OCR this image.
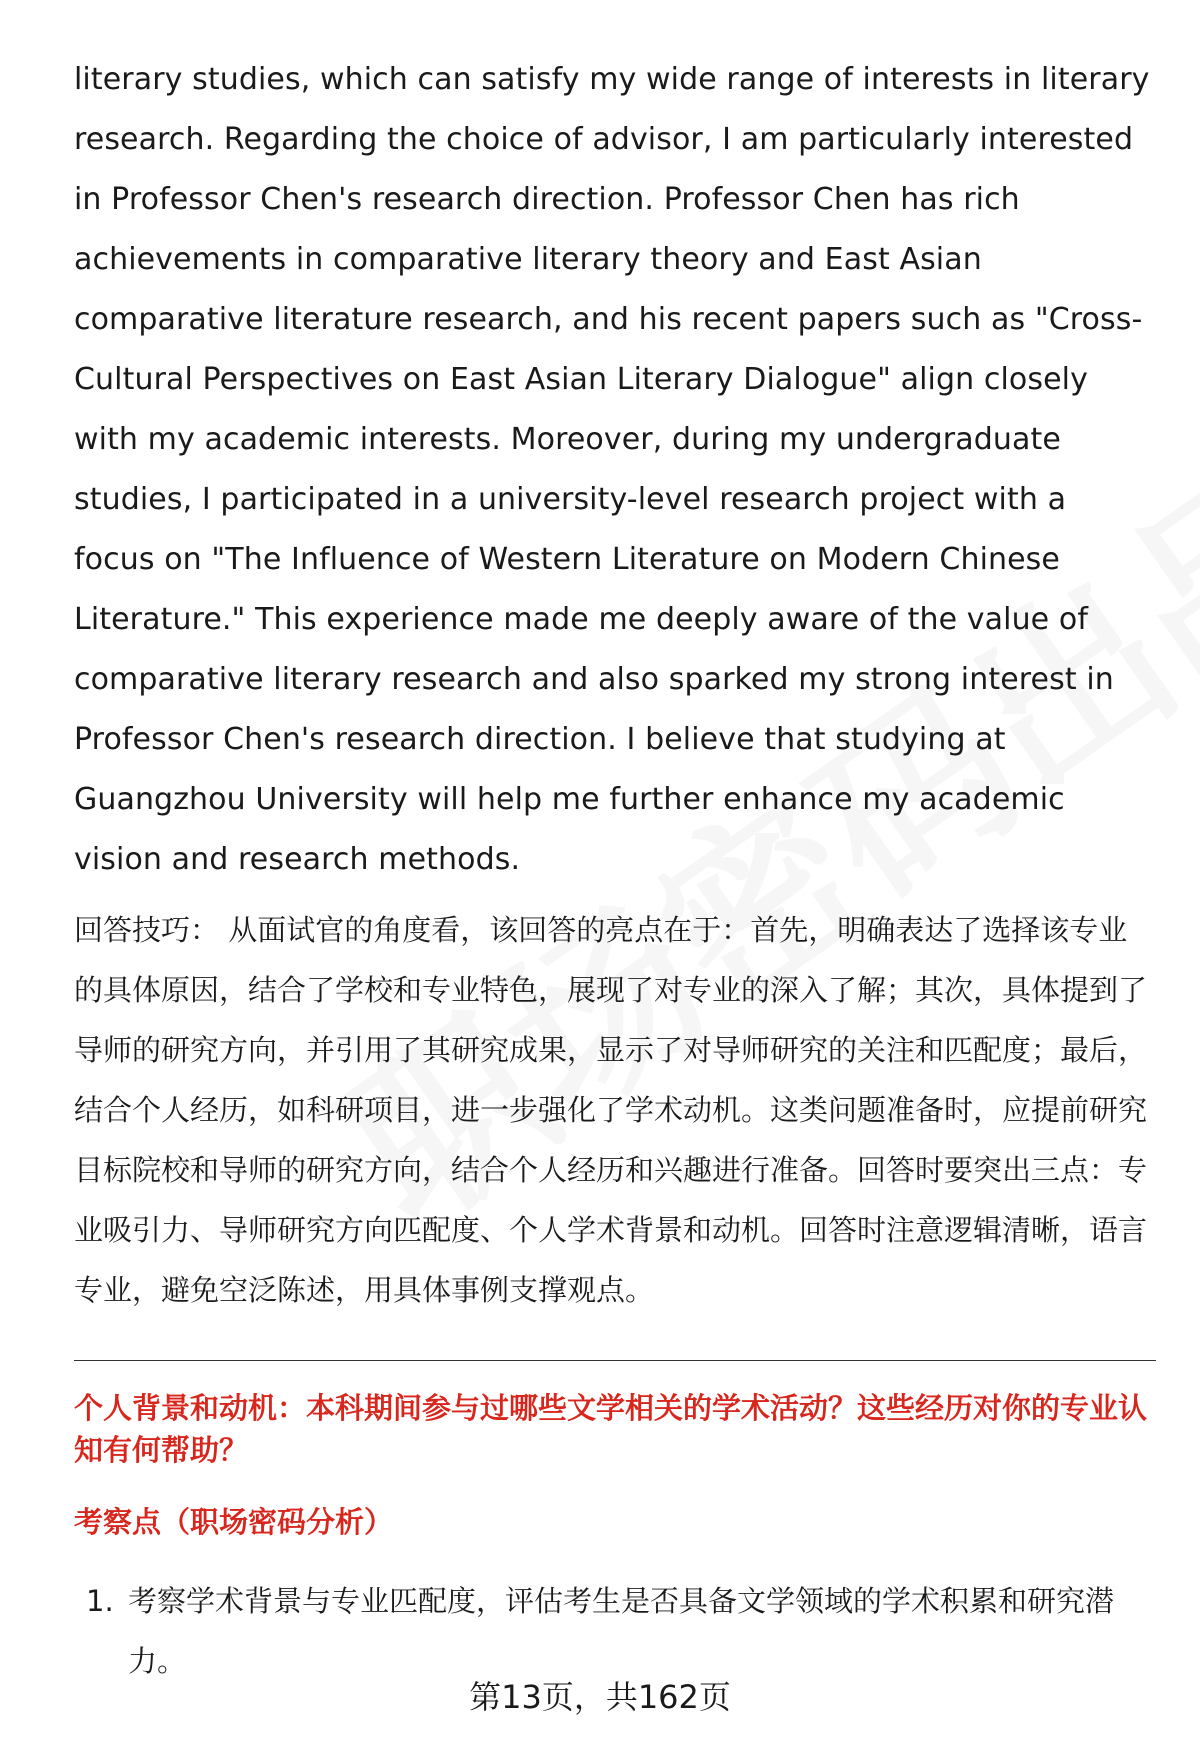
literary studies, which can satisfy my wide range of interests in literary research. Regarding the choice of advisor, I am particularly interested in Professor Chen's research direction. Professor Chen has rich achievements in comparative literary theory and East Asian comparative literature research, and his recent papers such as "Cross-Cultural Perspectives on East Asian Literary Dialogue" align closely with my academic interests. Moreover, during my undergraduate studies, I participated in a university-level research project with a focus on "The Influence of Western Literature on Modern Chinese Literature." This experience made me deeply aware of the value of comparative literary research and also sparked my strong interest in Professor Chen's research direction. I believe that studying at Guangzhou University will help me further enhance my academic vision and research methods.

回答技巧： 从面试官的角度看，该回答的亮点在于：首先，明确表达了选择该专业的具体原因，结合了学校和专业特色，展现了对专业的深入了解；其次，具体提到了导师的研究方向，并引用了其研究成果，显示了对导师研究的关注和匹配度；最后，结合个人经历，如科研项目，进一步强化了学术动机。这类问题准备时，应提前研究目标院校和导师的研究方向，结合个人经历和兴趣进行准备。回答时要突出三点：专业吸引力、导师研究方向匹配度、个人学术背景和动机。回答时注意逻辑清晰，语言专业，避免空泛陈述，用具体事例支撑观点。

个人背景和动机：本科期间参与过哪些文学相关的学术活动？这些经历对你的专业认知有何帮助？
考察点（职场密码分析）
1. 考察学术背景与专业匹配度，评估考生是否具备文学领域的学术积累和研究潜力。
第13页，共162页
